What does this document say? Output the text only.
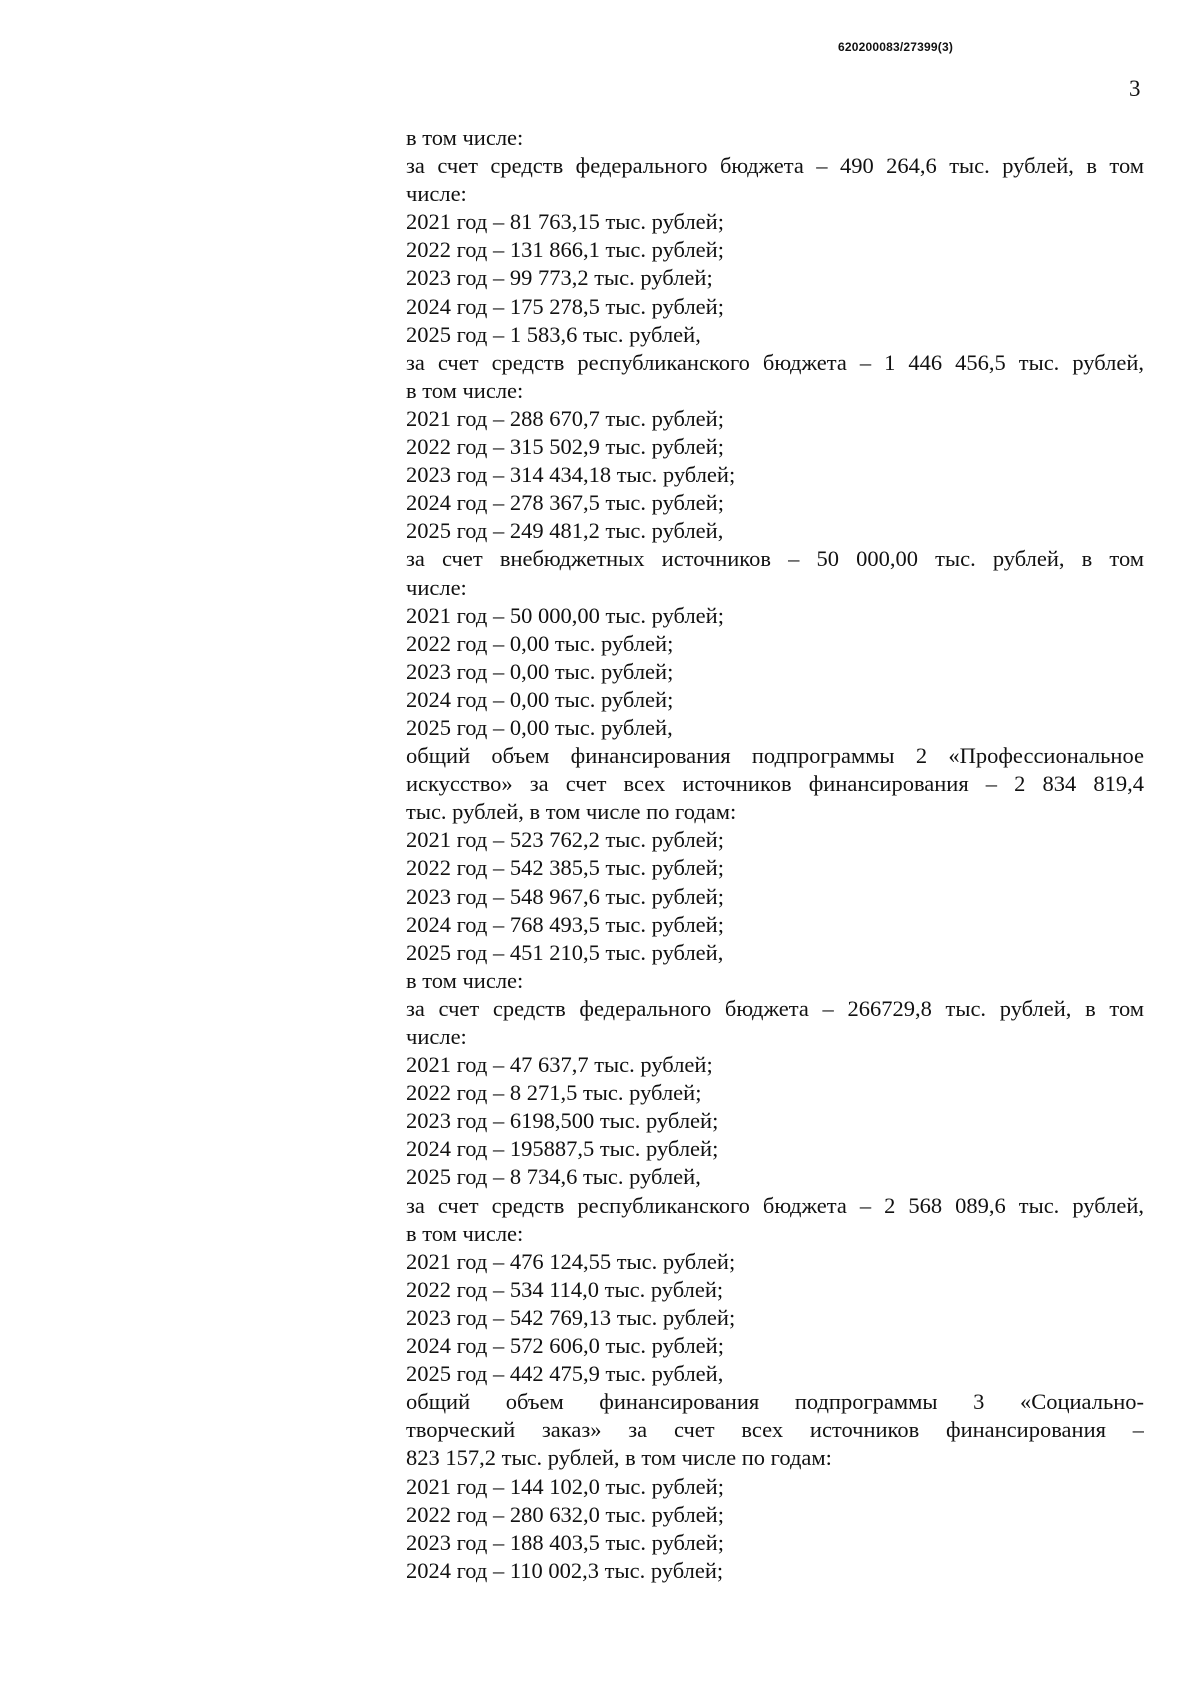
620200083/27399(3)
3
в том числе:
за счет средств федерального бюджета – 490 264,6 тыс. рублей, в том
числе:
2021 год – 81 763,15 тыс. рублей;
2022 год – 131 866,1 тыс. рублей;
2023 год – 99 773,2 тыс. рублей;
2024 год – 175 278,5 тыс. рублей;
2025 год – 1 583,6 тыс. рублей,
за счет средств республиканского бюджета – 1 446 456,5 тыс. рублей,
в том числе:
2021 год – 288 670,7 тыс. рублей;
2022 год – 315 502,9 тыс. рублей;
2023 год – 314 434,18 тыс. рублей;
2024 год – 278 367,5 тыс. рублей;
2025 год – 249 481,2 тыс. рублей,
за счет внебюджетных источников – 50 000,00 тыс. рублей, в том
числе:
2021 год – 50 000,00 тыс. рублей;
2022 год – 0,00 тыс. рублей;
2023 год – 0,00 тыс. рублей;
2024 год – 0,00 тыс. рублей;
2025 год – 0,00 тыс. рублей,
общий объем финансирования подпрограммы 2 «Профессиональное
искусство» за счет всех источников финансирования – 2 834 819,4
тыс. рублей, в том числе по годам:
2021 год – 523 762,2 тыс. рублей;
2022 год – 542 385,5 тыс. рублей;
2023 год – 548 967,6 тыс. рублей;
2024 год – 768 493,5 тыс. рублей;
2025 год – 451 210,5 тыс. рублей,
в том числе:
за счет средств федерального бюджета – 266729,8 тыс. рублей, в том
числе:
2021 год – 47 637,7 тыс. рублей;
2022 год – 8 271,5 тыс. рублей;
2023 год – 6198,500 тыс. рублей;
2024 год – 195887,5 тыс. рублей;
2025 год – 8 734,6 тыс. рублей,
за счет средств республиканского бюджета – 2 568 089,6 тыс. рублей,
в том числе:
2021 год – 476 124,55 тыс. рублей;
2022 год – 534 114,0 тыс. рублей;
2023 год – 542 769,13 тыс. рублей;
2024 год – 572 606,0 тыс. рублей;
2025 год – 442 475,9 тыс. рублей,
общий объем финансирования подпрограммы 3 «Социально-
творческий заказ» за счет всех источников финансирования –
823 157,2 тыс. рублей, в том числе по годам:
2021 год – 144 102,0 тыс. рублей;
2022 год – 280 632,0 тыс. рублей;
2023 год – 188 403,5 тыс. рублей;
2024 год – 110 002,3 тыс. рублей;
